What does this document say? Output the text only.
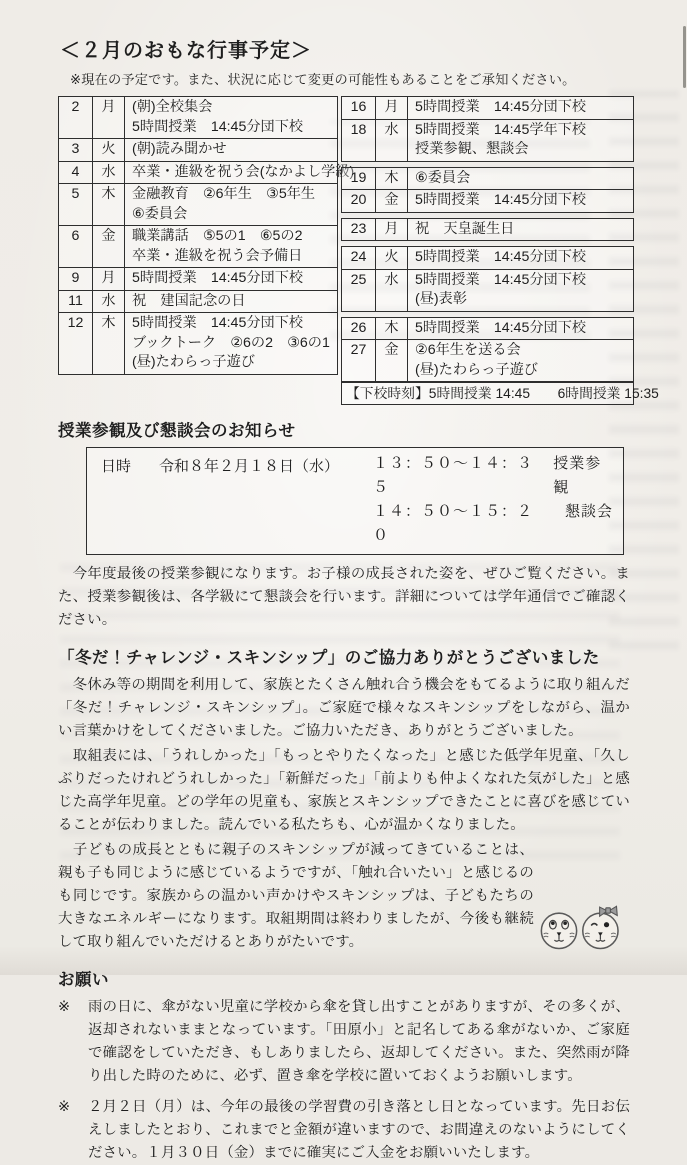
＜２月のおもな行事予定＞
※現在の予定です。また、状況に応じて変更の可能性もあることをご承知ください。
2	月	(朝)全校集会
5時間授業　14:45分団下校
3	火	(朝)読み聞かせ
4	水	卒業・進級を祝う会(なかよし学級)
5	木	金融教育　②6年生　③5年生
⑥委員会
6	金	職業講話　⑤5の1　⑥5の2
卒業・進級を祝う会予備日
9	月	5時間授業　14:45分団下校
11	水	祝　建国記念の日
12	木	5時間授業　14:45分団下校
ブックトーク　②6の2　③6の1
(昼)たわらっ子遊び
16	月	5時間授業　14:45分団下校
18	水	5時間授業　14:45学年下校
授業参観、懇談会
19	木	⑥委員会
20	金	5時間授業　14:45分団下校
23	月	祝　天皇誕生日
24	火	5時間授業　14:45分団下校
25	水	5時間授業　14:45分団下校
(昼)表彰
26	木	5時間授業　14:45分団下校
27	金	②6年生を送る会
(昼)たわらっ子遊び
【下校時刻】5時間授業 14:45　　6時間授業 15:35
授業参観及び懇談会のお知らせ
日時 令和８年２月１８日（水） １３：５０～１４：３５
授業参観
１４：５０～１５：２０
懇談会

　今年度最後の授業参観になります。お子様の成長された姿を、ぜひご覧ください。また、授業参観後は、各学級にて懇談会を行います。詳細については学年通信でご確認ください。

「冬だ！チャレンジ・スキンシップ」のご協力ありがとうございました

　冬休み等の期間を利用して、家族とたくさん触れ合う機会をもてるように取り組んだ「冬だ！チャレンジ・スキンシップ」。ご家庭で様々なスキンシップをしながら、温かい言葉かけをしてくださいました。ご協力いただき、ありがとうございました。

　取組表には、「うれしかった」「もっとやりたくなった」と感じた低学年児童、「久しぶりだったけれどうれしかった」「新鮮だった」「前よりも仲よくなれた気がした」と感じた高学年児童。どの学年の児童も、家族とスキンシップできたことに喜びを感じていることが伝わりました。読んでいる私たちも、心が温かくなりました。

　子どもの成長とともに親子のスキンシップが減ってきていることは、親も子も同じように感じているようですが、「触れ合いたい」と感じるのも同じです。家族からの温かい声かけやスキンシップは、子どもたちの大きなエネルギーになります。取組期間は終わりましたが、今後も継続して取り組んでいただけるとありがたいです。

お願い
※	雨の日に、傘がない児童に学校から傘を貸し出すことがありますが、その多くが、返却されないままとなっています。「田原小」と記名してある傘がないか、ご家庭で確認をしていただき、もしありましたら、返却してください。また、突然雨が降り出した時のために、必ず、置き傘を学校に置いておくようお願いします。
※	２月２日（月）は、今年の最後の学習費の引き落とし日となっています。先日お伝えしましたとおり、これまでと金額が違いますので、お間違えのないようにしてください。１月３０日（金）までに確実にご入金をお願いいたします。
